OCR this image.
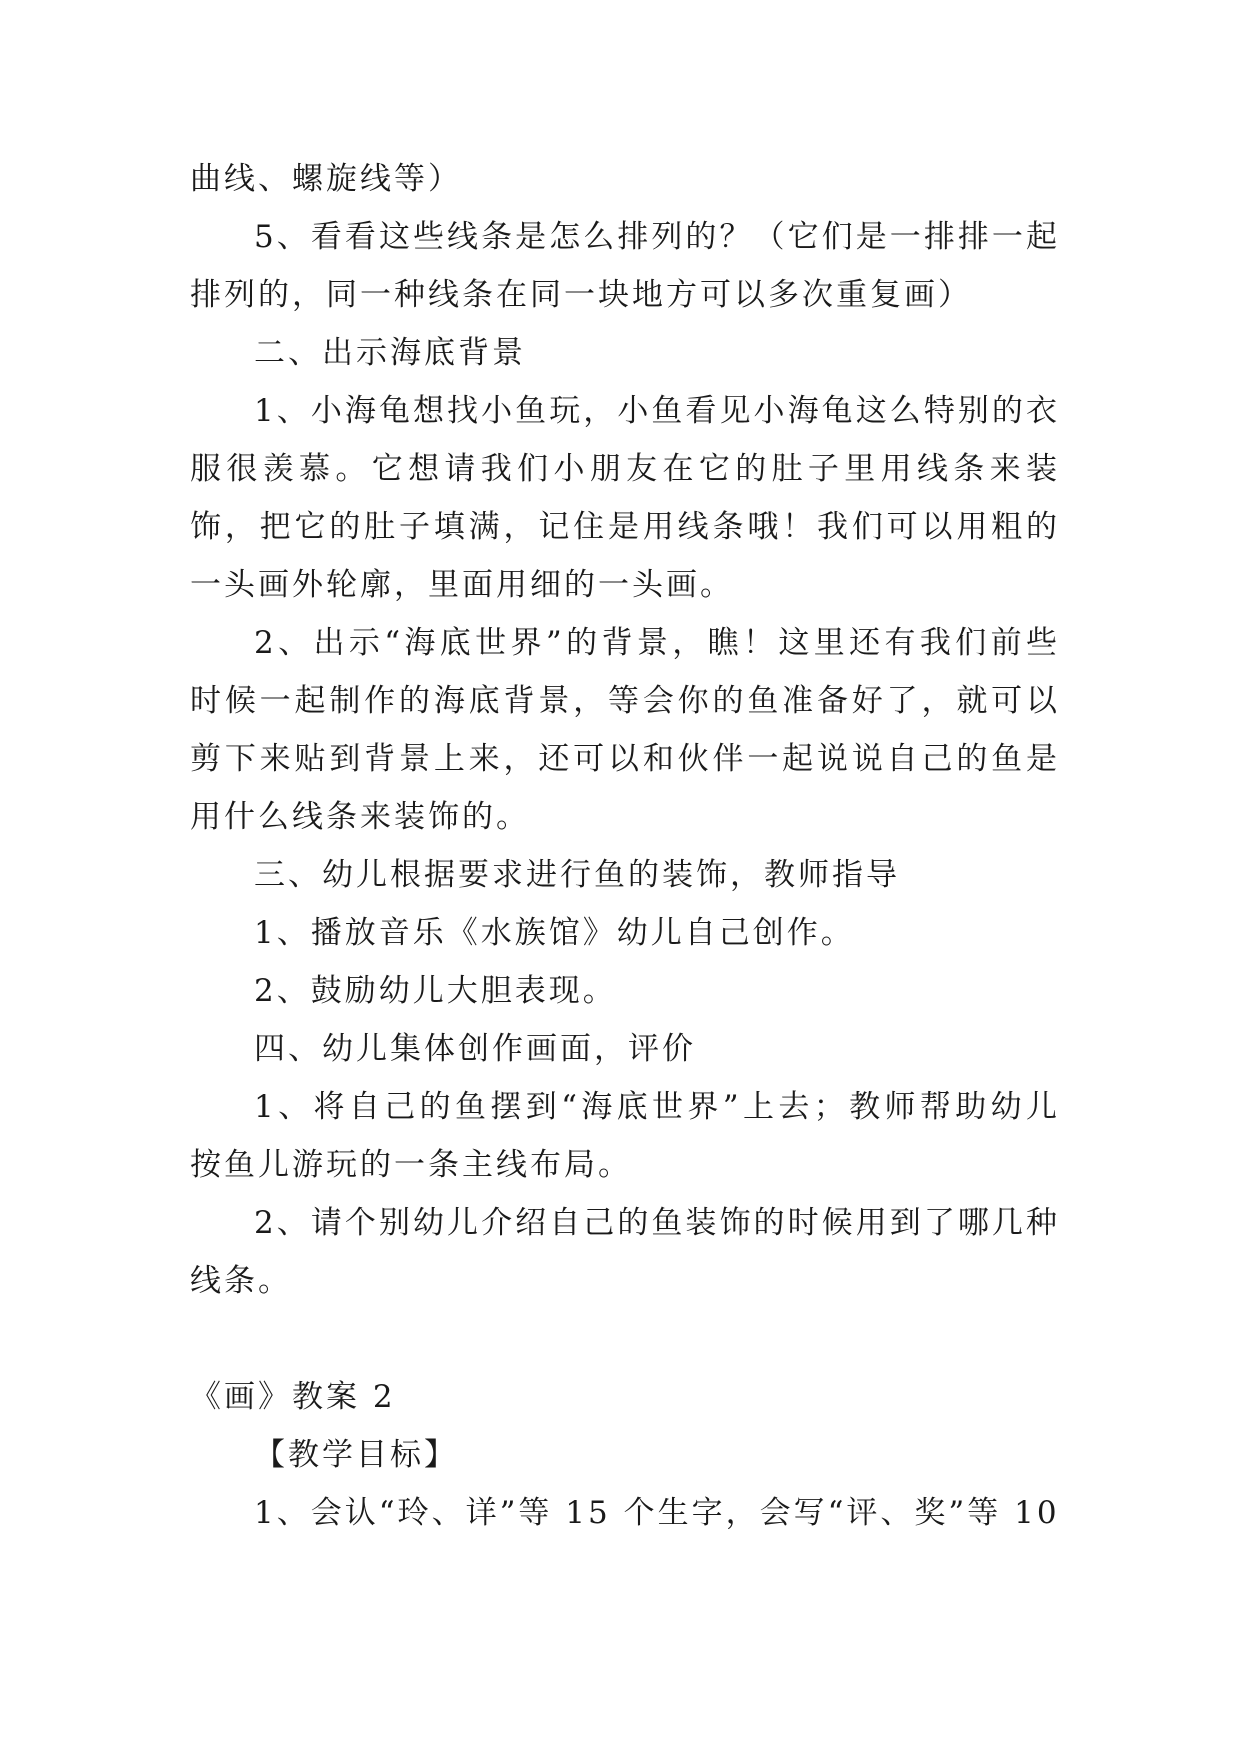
曲线、螺旋线等）

5、看看这些线条是怎么排列的？（它们是一排排一起排列的，同一种线条在同一块地方可以多次重复画）

二、出示海底背景

1、小海龟想找小鱼玩，小鱼看见小海龟这么特别的衣服很羡慕。它想请我们小朋友在它的肚子里用线条来装饰，把它的肚子填满，记住是用线条哦！我们可以用粗的一头画外轮廓，里面用细的一头画。

2、出示“海底世界”的背景，瞧！这里还有我们前些时候一起制作的海底背景，等会你的鱼准备好了，就可以剪下来贴到背景上来，还可以和伙伴一起说说自己的鱼是用什么线条来装饰的。

三、幼儿根据要求进行鱼的装饰，教师指导

1、播放音乐《水族馆》幼儿自己创作。

2、鼓励幼儿大胆表现。

四、幼儿集体创作画面，评价

1、将自己的鱼摆到“海底世界”上去；教师帮助幼儿按鱼儿游玩的一条主线布局。

2、请个别幼儿介绍自己的鱼装饰的时候用到了哪几种线条。

《画》教案 2

【教学目标】

1、会认“玲、详”等 15 个生字，会写“评、奖”等 10
